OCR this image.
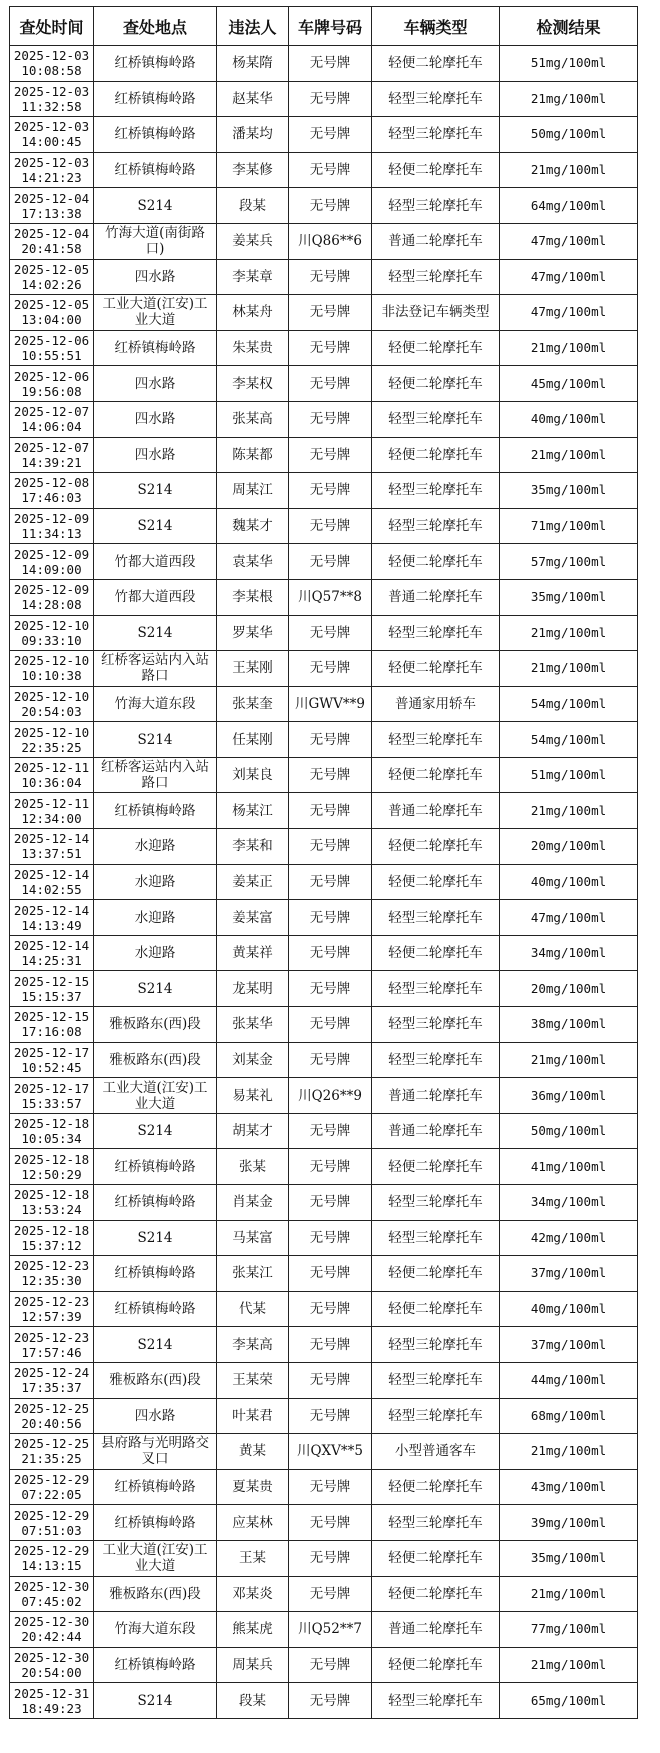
查处时间	查处地点	违法人	车牌号码	车辆类型	检测结果

2025-12-03
10:08:58	红桥镇梅岭路	杨某隋	无号牌	轻便二轮摩托车	51mg/100ml

2025-12-03
11:32:58	红桥镇梅岭路	赵某华	无号牌	轻型三轮摩托车	21mg/100ml

2025-12-03
14:00:45	红桥镇梅岭路	潘某均	无号牌	轻型三轮摩托车	50mg/100ml

2025-12-03
14:21:23	红桥镇梅岭路	李某修	无号牌	轻便二轮摩托车	21mg/100ml

2025-12-04
17:13:38	S214	段某	无号牌	轻型三轮摩托车	64mg/100ml

2025-12-04
20:41:58	竹海大道(南街路口)	姜某兵	川Q86**6	普通二轮摩托车	47mg/100ml

2025-12-05
14:02:26	四水路	李某章	无号牌	轻型三轮摩托车	47mg/100ml

2025-12-05
13:04:00	工业大道(江安)工业大道	林某舟	无号牌	非法登记车辆类型	47mg/100ml

2025-12-06
10:55:51	红桥镇梅岭路	朱某贵	无号牌	轻便二轮摩托车	21mg/100ml

2025-12-06
19:56:08	四水路	李某权	无号牌	轻便二轮摩托车	45mg/100ml

2025-12-07
14:06:04	四水路	张某高	无号牌	轻型三轮摩托车	40mg/100ml

2025-12-07
14:39:21	四水路	陈某都	无号牌	轻便二轮摩托车	21mg/100ml

2025-12-08
17:46:03	S214	周某江	无号牌	轻型三轮摩托车	35mg/100ml

2025-12-09
11:34:13	S214	魏某才	无号牌	轻型三轮摩托车	71mg/100ml

2025-12-09
14:09:00	竹都大道西段	袁某华	无号牌	轻便二轮摩托车	57mg/100ml

2025-12-09
14:28:08	竹都大道西段	李某根	川Q57**8	普通二轮摩托车	35mg/100ml

2025-12-10
09:33:10	S214	罗某华	无号牌	轻型三轮摩托车	21mg/100ml

2025-12-10
10:10:38	红桥客运站内入站路口	王某刚	无号牌	轻便二轮摩托车	21mg/100ml

2025-12-10
20:54:03	竹海大道东段	张某奎	川GWV**9	普通家用轿车	54mg/100ml

2025-12-10
22:35:25	S214	任某刚	无号牌	轻型三轮摩托车	54mg/100ml

2025-12-11
10:36:04	红桥客运站内入站路口	刘某良	无号牌	轻便二轮摩托车	51mg/100ml

2025-12-11
12:34:00	红桥镇梅岭路	杨某江	无号牌	普通二轮摩托车	21mg/100ml

2025-12-14
13:37:51	水迎路	李某和	无号牌	轻便二轮摩托车	20mg/100ml

2025-12-14
14:02:55	水迎路	姜某正	无号牌	轻便二轮摩托车	40mg/100ml

2025-12-14
14:13:49	水迎路	姜某富	无号牌	轻型三轮摩托车	47mg/100ml

2025-12-14
14:25:31	水迎路	黄某祥	无号牌	轻便二轮摩托车	34mg/100ml

2025-12-15
15:15:37	S214	龙某明	无号牌	轻型三轮摩托车	20mg/100ml

2025-12-15
17:16:08	雅板路东(西)段	张某华	无号牌	轻型三轮摩托车	38mg/100ml

2025-12-17
10:52:45	雅板路东(西)段	刘某金	无号牌	轻型三轮摩托车	21mg/100ml

2025-12-17
15:33:57	工业大道(江安)工业大道	易某礼	川Q26**9	普通二轮摩托车	36mg/100ml

2025-12-18
10:05:34	S214	胡某才	无号牌	普通二轮摩托车	50mg/100ml

2025-12-18
12:50:29	红桥镇梅岭路	张某	无号牌	轻便二轮摩托车	41mg/100ml

2025-12-18
13:53:24	红桥镇梅岭路	肖某金	无号牌	轻型三轮摩托车	34mg/100ml

2025-12-18
15:37:12	S214	马某富	无号牌	轻型三轮摩托车	42mg/100ml

2025-12-23
12:35:30	红桥镇梅岭路	张某江	无号牌	轻便二轮摩托车	37mg/100ml

2025-12-23
12:57:39	红桥镇梅岭路	代某	无号牌	轻便二轮摩托车	40mg/100ml

2025-12-23
17:57:46	S214	李某高	无号牌	轻型三轮摩托车	37mg/100ml

2025-12-24
17:35:37	雅板路东(西)段	王某荣	无号牌	轻型三轮摩托车	44mg/100ml

2025-12-25
20:40:56	四水路	叶某君	无号牌	轻型三轮摩托车	68mg/100ml

2025-12-25
21:35:25	县府路与光明路交叉口	黄某	川QXV**5	小型普通客车	21mg/100ml

2025-12-29
07:22:05	红桥镇梅岭路	夏某贵	无号牌	轻便二轮摩托车	43mg/100ml

2025-12-29
07:51:03	红桥镇梅岭路	应某林	无号牌	轻型三轮摩托车	39mg/100ml

2025-12-29
14:13:15	工业大道(江安)工业大道	王某	无号牌	轻便二轮摩托车	35mg/100ml

2025-12-30
07:45:02	雅板路东(西)段	邓某炎	无号牌	轻便二轮摩托车	21mg/100ml

2025-12-30
20:42:44	竹海大道东段	熊某虎	川Q52**7	普通二轮摩托车	77mg/100ml

2025-12-30
20:54:00	红桥镇梅岭路	周某兵	无号牌	轻便二轮摩托车	21mg/100ml

2025-12-31
18:49:23	S214	段某	无号牌	轻型三轮摩托车	65mg/100ml
